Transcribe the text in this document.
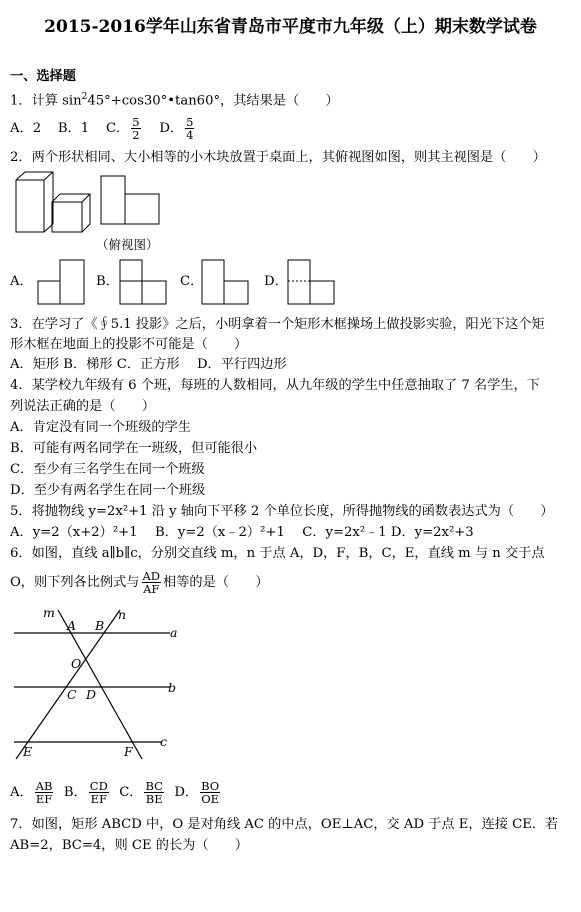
2015-2016学年山东省青岛市平度市九年级（上）期末数学试卷
一、选择题
1．计算 $\sin^245^\circ+\cos 30^\circ•\tan 60^\circ$，其结果是（　　）
A．2 B．1 C． $\frac{5}{2}$ D． $\frac{5}{4}$
2．两个形状相同、大小相等的小木块放置于桌面上，其俯视图如图，则其主视图是（　　）
（俯视图）
A．	B．	C．	D．
3．在学习了《∮5.1 投影》之后，小明拿着一个矩形木框操场上做投影实验，阳光下这个矩
形木框在地面上的投影不可能是（　　）
A．矩形 B．梯形 C．正方形　 D．平行四边形
4．某学校九年级有 6 个班，每班的人数相同，从九年级的学生中任意抽取了 7 名学生，下
列说法正确的是（　　）
A．肯定没有同一个班级的学生
B．可能有两名同学在一班级，但可能很小
C．至少有三名学生在同一个班级
D．至少有两名学生在同一个班级
5．将抛物线 y=2x²+1 沿 y 轴向下平移 2 个单位长度，所得抛物线的函数表达式为（　　）
A．y=2（x+2）²+1　 B．y=2（x﹣2）²+1　 C．y=2x²﹣1 D．y=2x²+3
6．如图，直线 a∥b∥c，分别交直线 m，n 于点 A，D，F，B，C，E，直线 m 与 n 交于点
O，则下列各比例式与 $\frac{AD}{AF}$ 相等的是（　　）
m	n
A B	a
O
C D	b
E	F
c
A． $\frac{AB}{EF}$ B． $\frac{CD}{EF}$ C． $\frac{BC}{BE}$ D． $\frac{BO}{OE}$
7．如图，矩形 ABCD 中，O 是对角线 AC 的中点，OE⊥AC，交 AD 于点 E，连接 CE．若
AB=2，BC=4，则 CE 的长为（　　）
